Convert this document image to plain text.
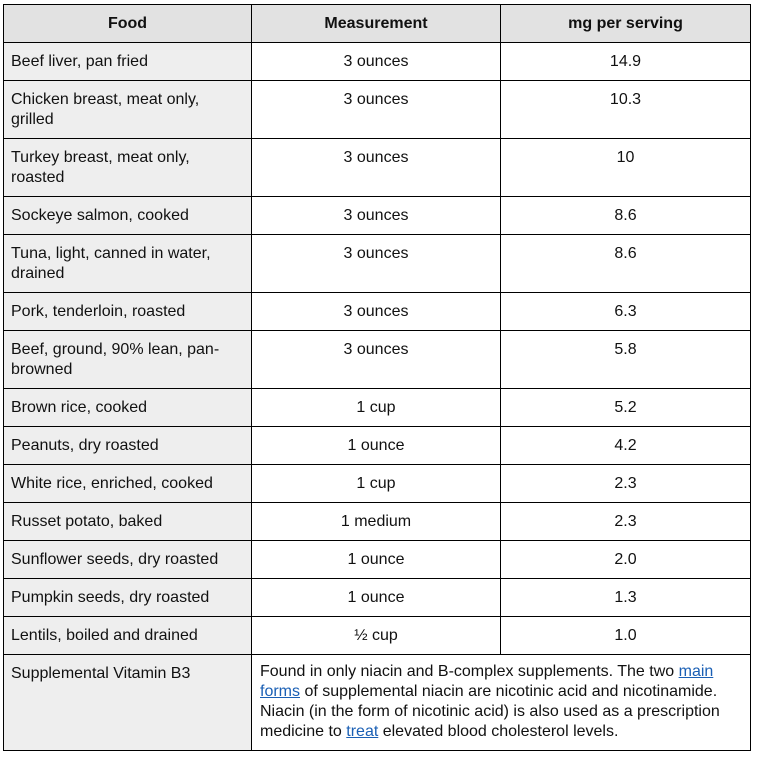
Food	Measurement	mg per serving
Beef liver, pan fried	3 ounces	14.9
Chicken breast, meat only, grilled	3 ounces	10.3
Turkey breast, meat only, roasted	3 ounces	10
Sockeye salmon, cooked	3 ounces	8.6
Tuna, light, canned in water, drained	3 ounces	8.6
Pork, tenderloin, roasted	3 ounces	6.3
Beef, ground, 90% lean, pan-browned	3 ounces	5.8
Brown rice, cooked	1 cup	5.2
Peanuts, dry roasted	1 ounce	4.2
White rice, enriched, cooked	1 cup	2.3
Russet potato, baked	1 medium	2.3
Sunflower seeds, dry roasted	1 ounce	2.0
Pumpkin seeds, dry roasted	1 ounce	1.3
Lentils, boiled and drained	½ cup	1.0
Supplemental Vitamin B3	Found in only niacin and B-complex supplements. The two main forms of supplemental niacin are nicotinic acid and nicotinamide. Niacin (in the form of nicotinic acid) is also used as a prescription medicine to treat elevated blood cholesterol levels.	
